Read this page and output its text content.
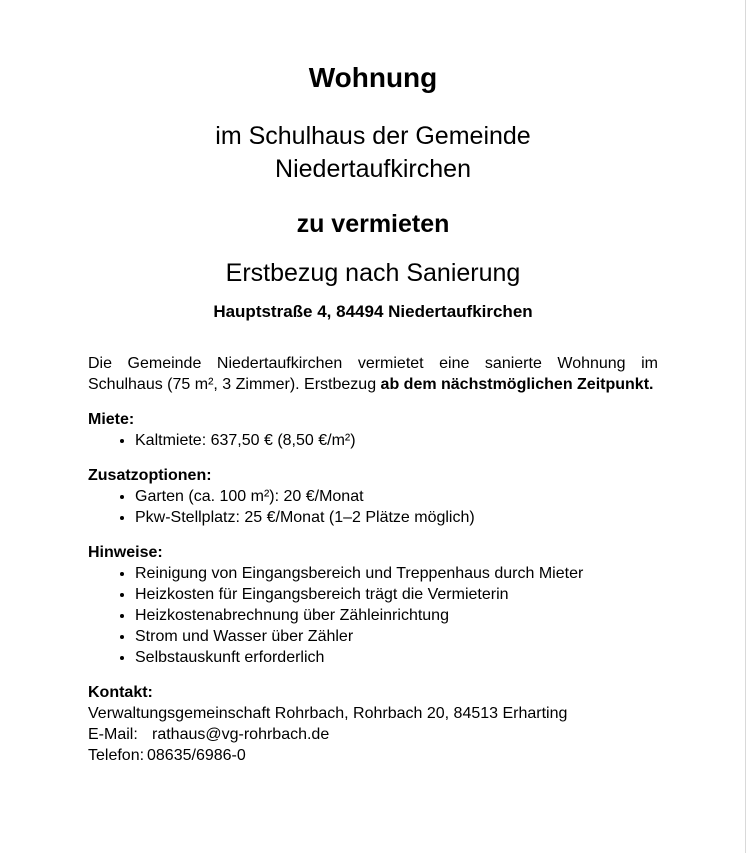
Wohnung
im Schulhaus der Gemeinde
Niedertaufkirchen
zu vermieten
Erstbezug nach Sanierung
Hauptstraße 4, 84494 Niedertaufkirchen

Die Gemeinde Niedertaufkirchen vermietet eine sanierte Wohnung im Schulhaus (75 m², 3 Zimmer). Erstbezug ab dem nächstmöglichen Zeitpunkt.

Miete:

• Kaltmiete: 637,50 € (8,50 €/m²)

Zusatzoptionen:

• Garten (ca. 100 m²): 20 €/Monat
• Pkw-Stellplatz: 25 €/Monat (1–2 Plätze möglich)

Hinweise:

• Reinigung von Eingangsbereich und Treppenhaus durch Mieter
• Heizkosten für Eingangsbereich trägt die Vermieterin
• Heizkostenabrechnung über Zähleinrichtung
• Strom und Wasser über Zähler
• Selbstauskunft erforderlich

Kontakt:

Verwaltungsgemeinschaft Rohrbach, Rohrbach 20, 84513 Erharting

E-Mail: rathaus@vg-rohrbach.de

Telefon: 08635/6986-0
